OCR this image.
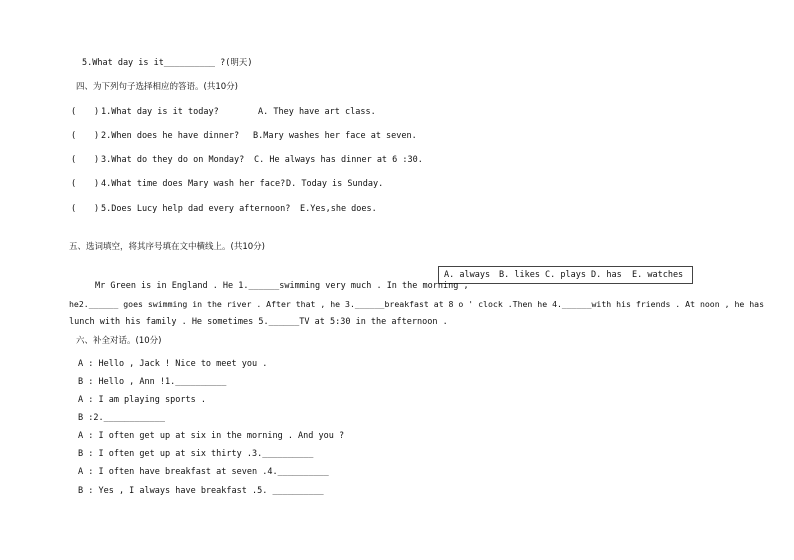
5.What day is it__________ ?(明天)
四、为下列句子选择相应的答语。(共10分)
( ) 1.What day is it today?	A. They have art class.
( ) 2.When does he have dinner? B.Mary washes her face at seven.
( ) 3.What do they do on Monday? C. He always has dinner at 6 :30.
( ) 4.What time does Mary wash her face? D. Today is Sunday.
( ) 5.Does Lucy help dad every afternoon? E.Yes,she does.
五、选词填空，将其序号填在文中横线上。(共10分)
A. always B. likes C. plays D. has E. watches
Mr Green is in England . He 1.______swimming very much . In the morning ,
he2.______ goes swimming in the river . After that , he 3.______breakfast at 8 o ' clock .Then he 4.______with his friends . At noon , he has
lunch with his family . He sometimes 5.______TV at 5:30 in the afternoon .
六、补全对话。(10分)
A : Hello , Jack ! Nice to meet you .
B : Hello , Ann !1.__________
A : I am playing sports .
B :2.____________
A : I often get up at six in the morning . And you ?
B : I often get up at six thirty .3.__________
A : I often have breakfast at seven .4.__________
B : Yes , I always have breakfast .5. __________
